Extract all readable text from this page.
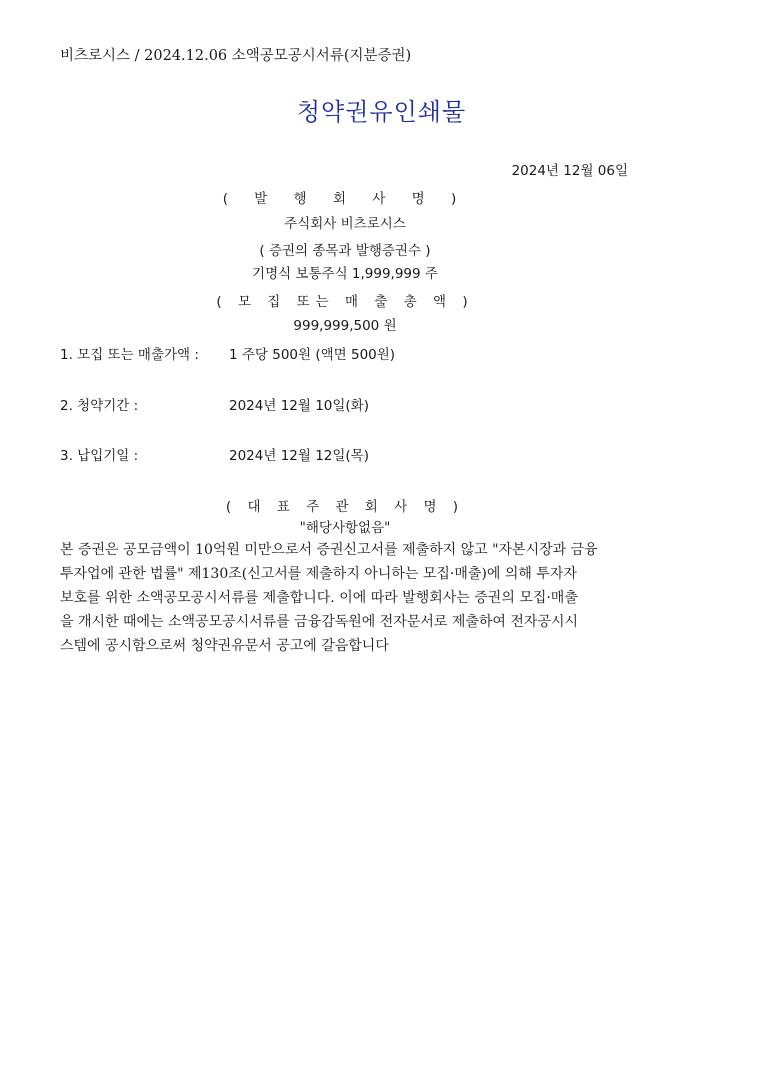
비츠로시스 / 2024.12.06 소액공모공시서류(지분증권)
청약권유인쇄물
2024년 12월 06일
( 발 행 회 사 명 )
주식회사 비츠로시스
( 증권의 종목과 발행증권수 )
기명식 보통주식 1,999,999 주
( 모 집 또는 매 출 총 액 )
999,999,500 원
1. 모집 또는 매출가액 : 1 주당 500원 (액면 500원)
2. 청약기간 :	2024년 12월 10일(화)
3. 납입기일 :	2024년 12월 12일(목)
( 대 표 주 관 회 사 명 )
"해당사항없음"
본 증권은 공모금액이 10억원 미만으로서 증권신고서를 제출하지 않고 "자본시장과 금융
투자업에 관한 법률" 제130조(신고서를 제출하지 아니하는 모집·매출)에 의해 투자자
보호를 위한 소액공모공시서류를 제출합니다. 이에 따라 발행회사는 증권의 모집·매출
을 개시한 때에는 소액공모공시서류를 금융감독원에 전자문서로 제출하여 전자공시시
스템에 공시함으로써 청약권유문서 공고에 갈음합니다
